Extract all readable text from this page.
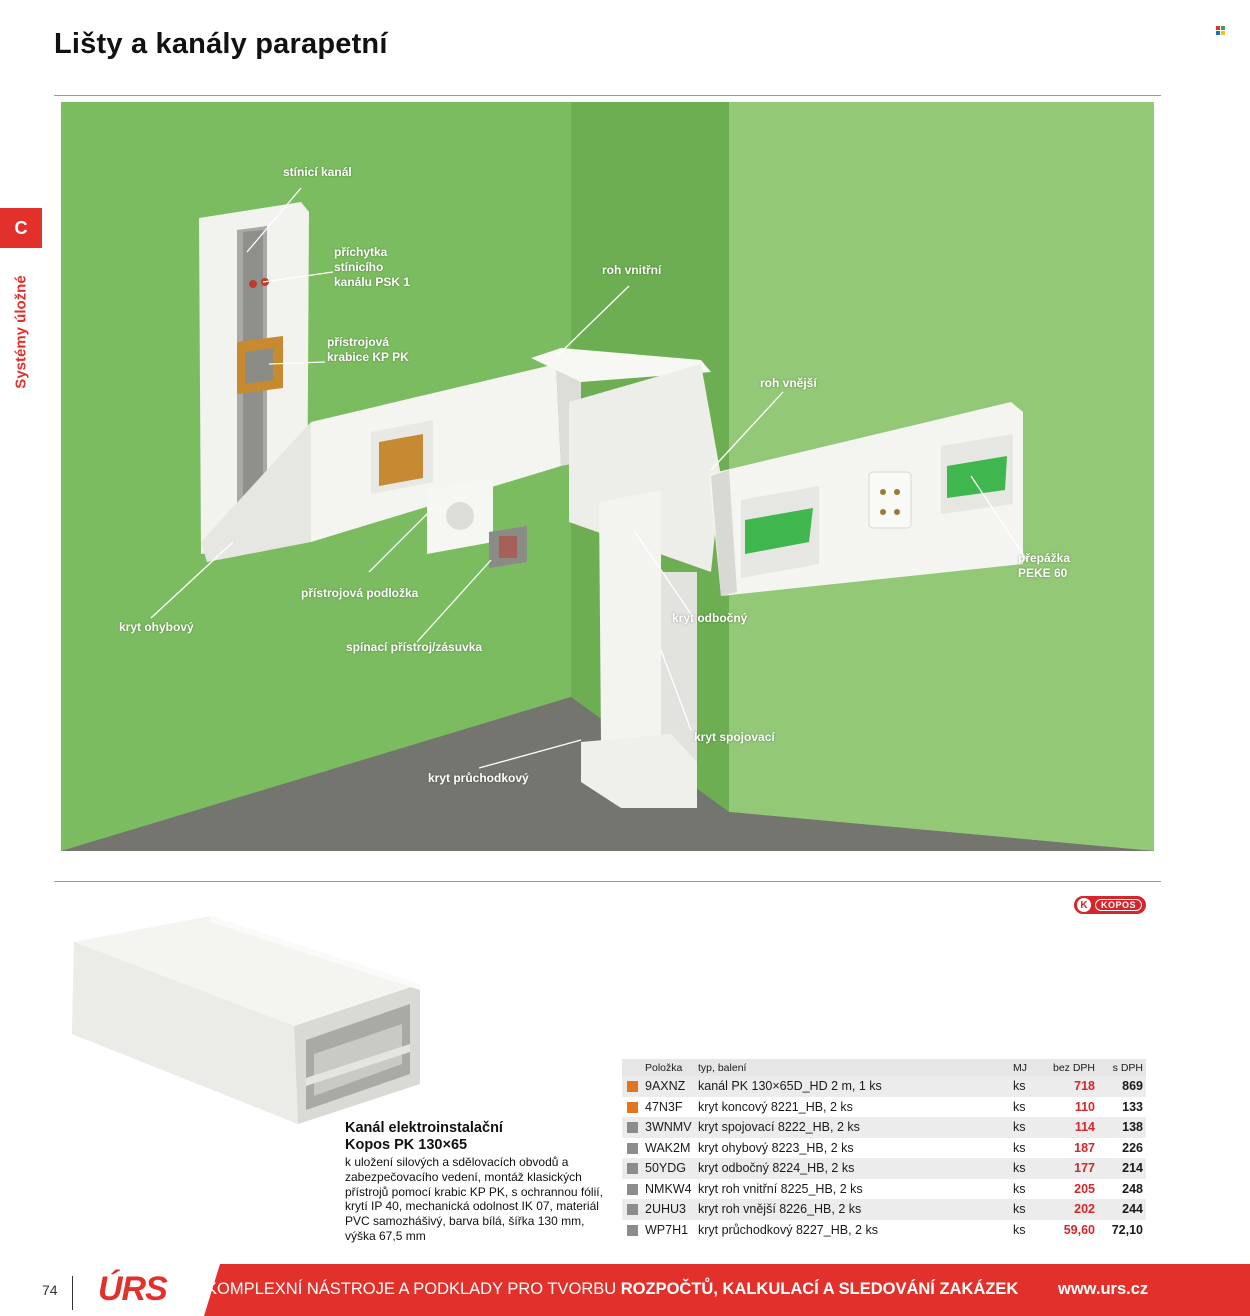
Lišty a kanály parapetní
C
Systémy úložné
stínicí kanál
příchytka
stínicího
kanálu PSK 1
přístrojová
krabice KP PK
roh vnitřní
roh vnější
přepážka
PEKE 60
přístrojová podložka
kryt ohybový
spínací přístroj/zásuvka
kryt odbočný
kryt spojovací
kryt průchodkový
K	KOPOS
Kanál elektroinstalační
Kopos PK 130×65
k uložení silových a sdělovacích obvodů a zabezpečovacího vedení, montáž klasických přístrojů pomocí krabic KP PK, s ochrannou fólií, krytí IP 40, mechanická odolnost IK 07, materiál PVC samozhášivý, barva bílá, šířka 130 mm, výška 67,5 mm
	Položka	typ, balení	MJ	bez DPH	s DPH
	9AXNZ	kanál PK 130×65D_HD 2 m, 1 ks	ks	718	869
	47N3F	kryt koncový 8221_HB, 2 ks	ks	110	133
	3WNMV	kryt spojovací 8222_HB, 2 ks	ks	114	138
	WAK2M	kryt ohybový 8223_HB, 2 ks	ks	187	226
	50YDG	kryt odbočný 8224_HB, 2 ks	ks	177	214
	NMKW4	kryt roh vnitřní 8225_HB, 2 ks	ks	205	248
	2UHU3	kryt roh vnější 8226_HB, 2 ks	ks	202	244
	WP7H1	kryt průchodkový 8227_HB, 2 ks	ks	59,60	72,10
74 ÚRS KOMPLEXNÍ NÁSTROJE A PODKLADY PRO TVORBU ROZPOČTŮ, KALKULACÍ A SLEDOVÁNÍ ZAKÁZEK www.urs.cz
